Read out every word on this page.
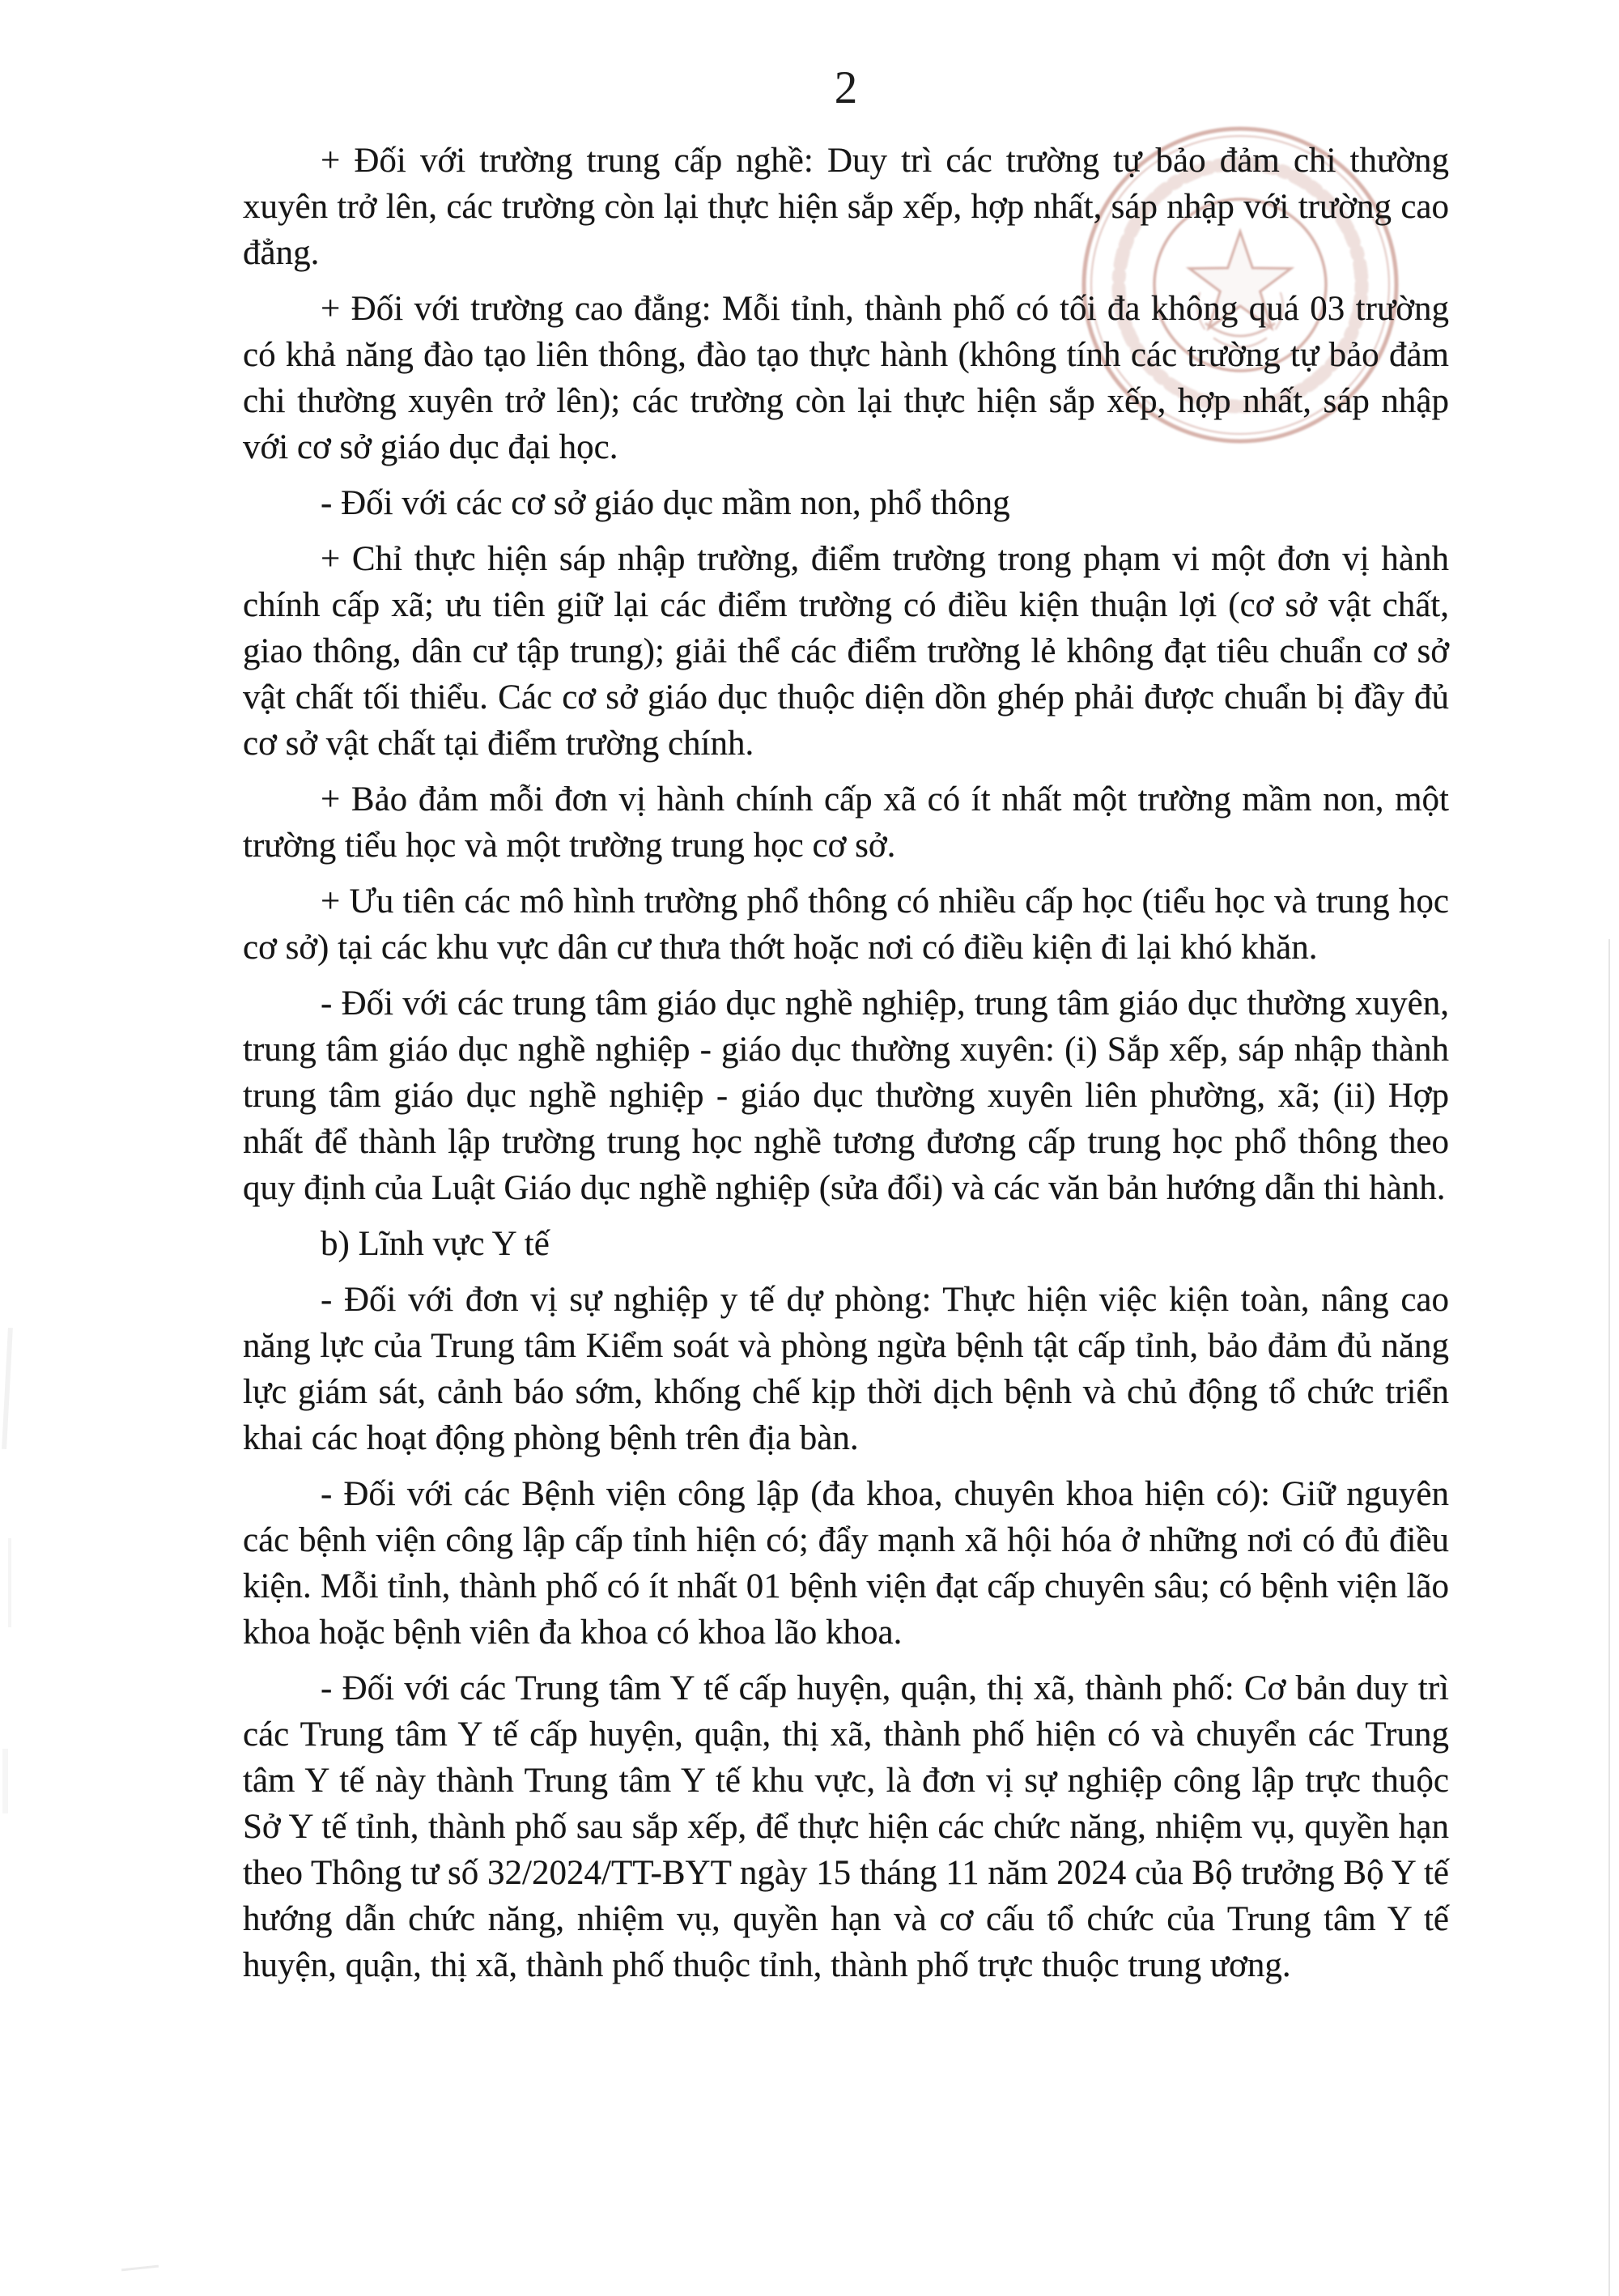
2

+ Đối với trường trung cấp nghề: Duy trì các trường tự bảo đảm chi thường xuyên trở lên, các trường còn lại thực hiện sắp xếp, hợp nhất, sáp nhập với trường cao đẳng.

+ Đối với trường cao đẳng: Mỗi tỉnh, thành phố có tối đa không quá 03 trường có khả năng đào tạo liên thông, đào tạo thực hành (không tính các trường tự bảo đảm chi thường xuyên trở lên); các trường còn lại thực hiện sắp xếp, hợp nhất, sáp nhập với cơ sở giáo dục đại học.

- Đối với các cơ sở giáo dục mầm non, phổ thông

+ Chỉ thực hiện sáp nhập trường, điểm trường trong phạm vi một đơn vị hành chính cấp xã; ưu tiên giữ lại các điểm trường có điều kiện thuận lợi (cơ sở vật chất, giao thông, dân cư tập trung); giải thể các điểm trường lẻ không đạt tiêu chuẩn cơ sở vật chất tối thiểu. Các cơ sở giáo dục thuộc diện dồn ghép phải được chuẩn bị đầy đủ cơ sở vật chất tại điểm trường chính.

+ Bảo đảm mỗi đơn vị hành chính cấp xã có ít nhất một trường mầm non, một trường tiểu học và một trường trung học cơ sở.

+ Ưu tiên các mô hình trường phổ thông có nhiều cấp học (tiểu học và trung học cơ sở) tại các khu vực dân cư thưa thớt hoặc nơi có điều kiện đi lại khó khăn.

- Đối với các trung tâm giáo dục nghề nghiệp, trung tâm giáo dục thường xuyên, trung tâm giáo dục nghề nghiệp - giáo dục thường xuyên: (i) Sắp xếp, sáp nhập thành trung tâm giáo dục nghề nghiệp - giáo dục thường xuyên liên phường, xã; (ii) Hợp nhất để thành lập trường trung học nghề tương đương cấp trung học phổ thông theo quy định của Luật Giáo dục nghề nghiệp (sửa đổi) và các văn bản hướng dẫn thi hành.

b) Lĩnh vực Y tế

- Đối với đơn vị sự nghiệp y tế dự phòng: Thực hiện việc kiện toàn, nâng cao năng lực của Trung tâm Kiểm soát và phòng ngừa bệnh tật cấp tỉnh, bảo đảm đủ năng lực giám sát, cảnh báo sớm, khống chế kịp thời dịch bệnh và chủ động tổ chức triển khai các hoạt động phòng bệnh trên địa bàn.

- Đối với các Bệnh viện công lập (đa khoa, chuyên khoa hiện có): Giữ nguyên các bệnh viện công lập cấp tỉnh hiện có; đẩy mạnh xã hội hóa ở những nơi có đủ điều kiện. Mỗi tỉnh, thành phố có ít nhất 01 bệnh viện đạt cấp chuyên sâu; có bệnh viện lão khoa hoặc bệnh viên đa khoa có khoa lão khoa.

- Đối với các Trung tâm Y tế cấp huyện, quận, thị xã, thành phố: Cơ bản duy trì các Trung tâm Y tế cấp huyện, quận, thị xã, thành phố hiện có và chuyển các Trung tâm Y tế này thành Trung tâm Y tế khu vực, là đơn vị sự nghiệp công lập trực thuộc Sở Y tế tỉnh, thành phố sau sắp xếp, để thực hiện các chức năng, nhiệm vụ, quyền hạn theo Thông tư số 32/2024/TT-BYT ngày 15 tháng 11 năm 2024 của Bộ trưởng Bộ Y tế hướng dẫn chức năng, nhiệm vụ, quyền hạn và cơ cấu tổ chức của Trung tâm Y tế huyện, quận, thị xã, thành phố thuộc tỉnh, thành phố trực thuộc trung ương.
